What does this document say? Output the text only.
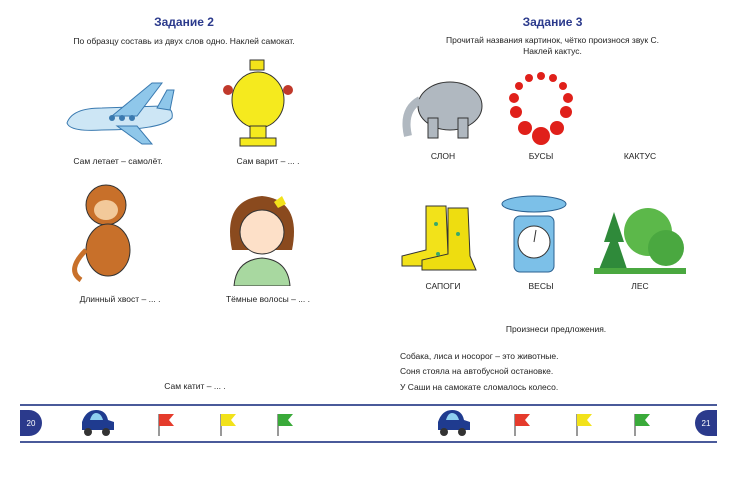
Задание 2
По образцу составь из двух слов одно. Наклей самокат.
Сам летает – самолёт.	Сам варит – ... .
Длинный хвост – ... .	Тёмные волосы – ... .
Сам катит – ... .
Задание 3
Прочитай названия картинок, чётко произнося звук С.
Наклей кактус.
СЛОН	БУСЫ	КАКТУС
САПОГИ	ВЕСЫ	ЛЕС
Произнеси предложения.
Собака, лиса и носорог – это животные.
Соня стояла на автобусной остановке.
У Саши на самокате сломалось колесо.
20	21
